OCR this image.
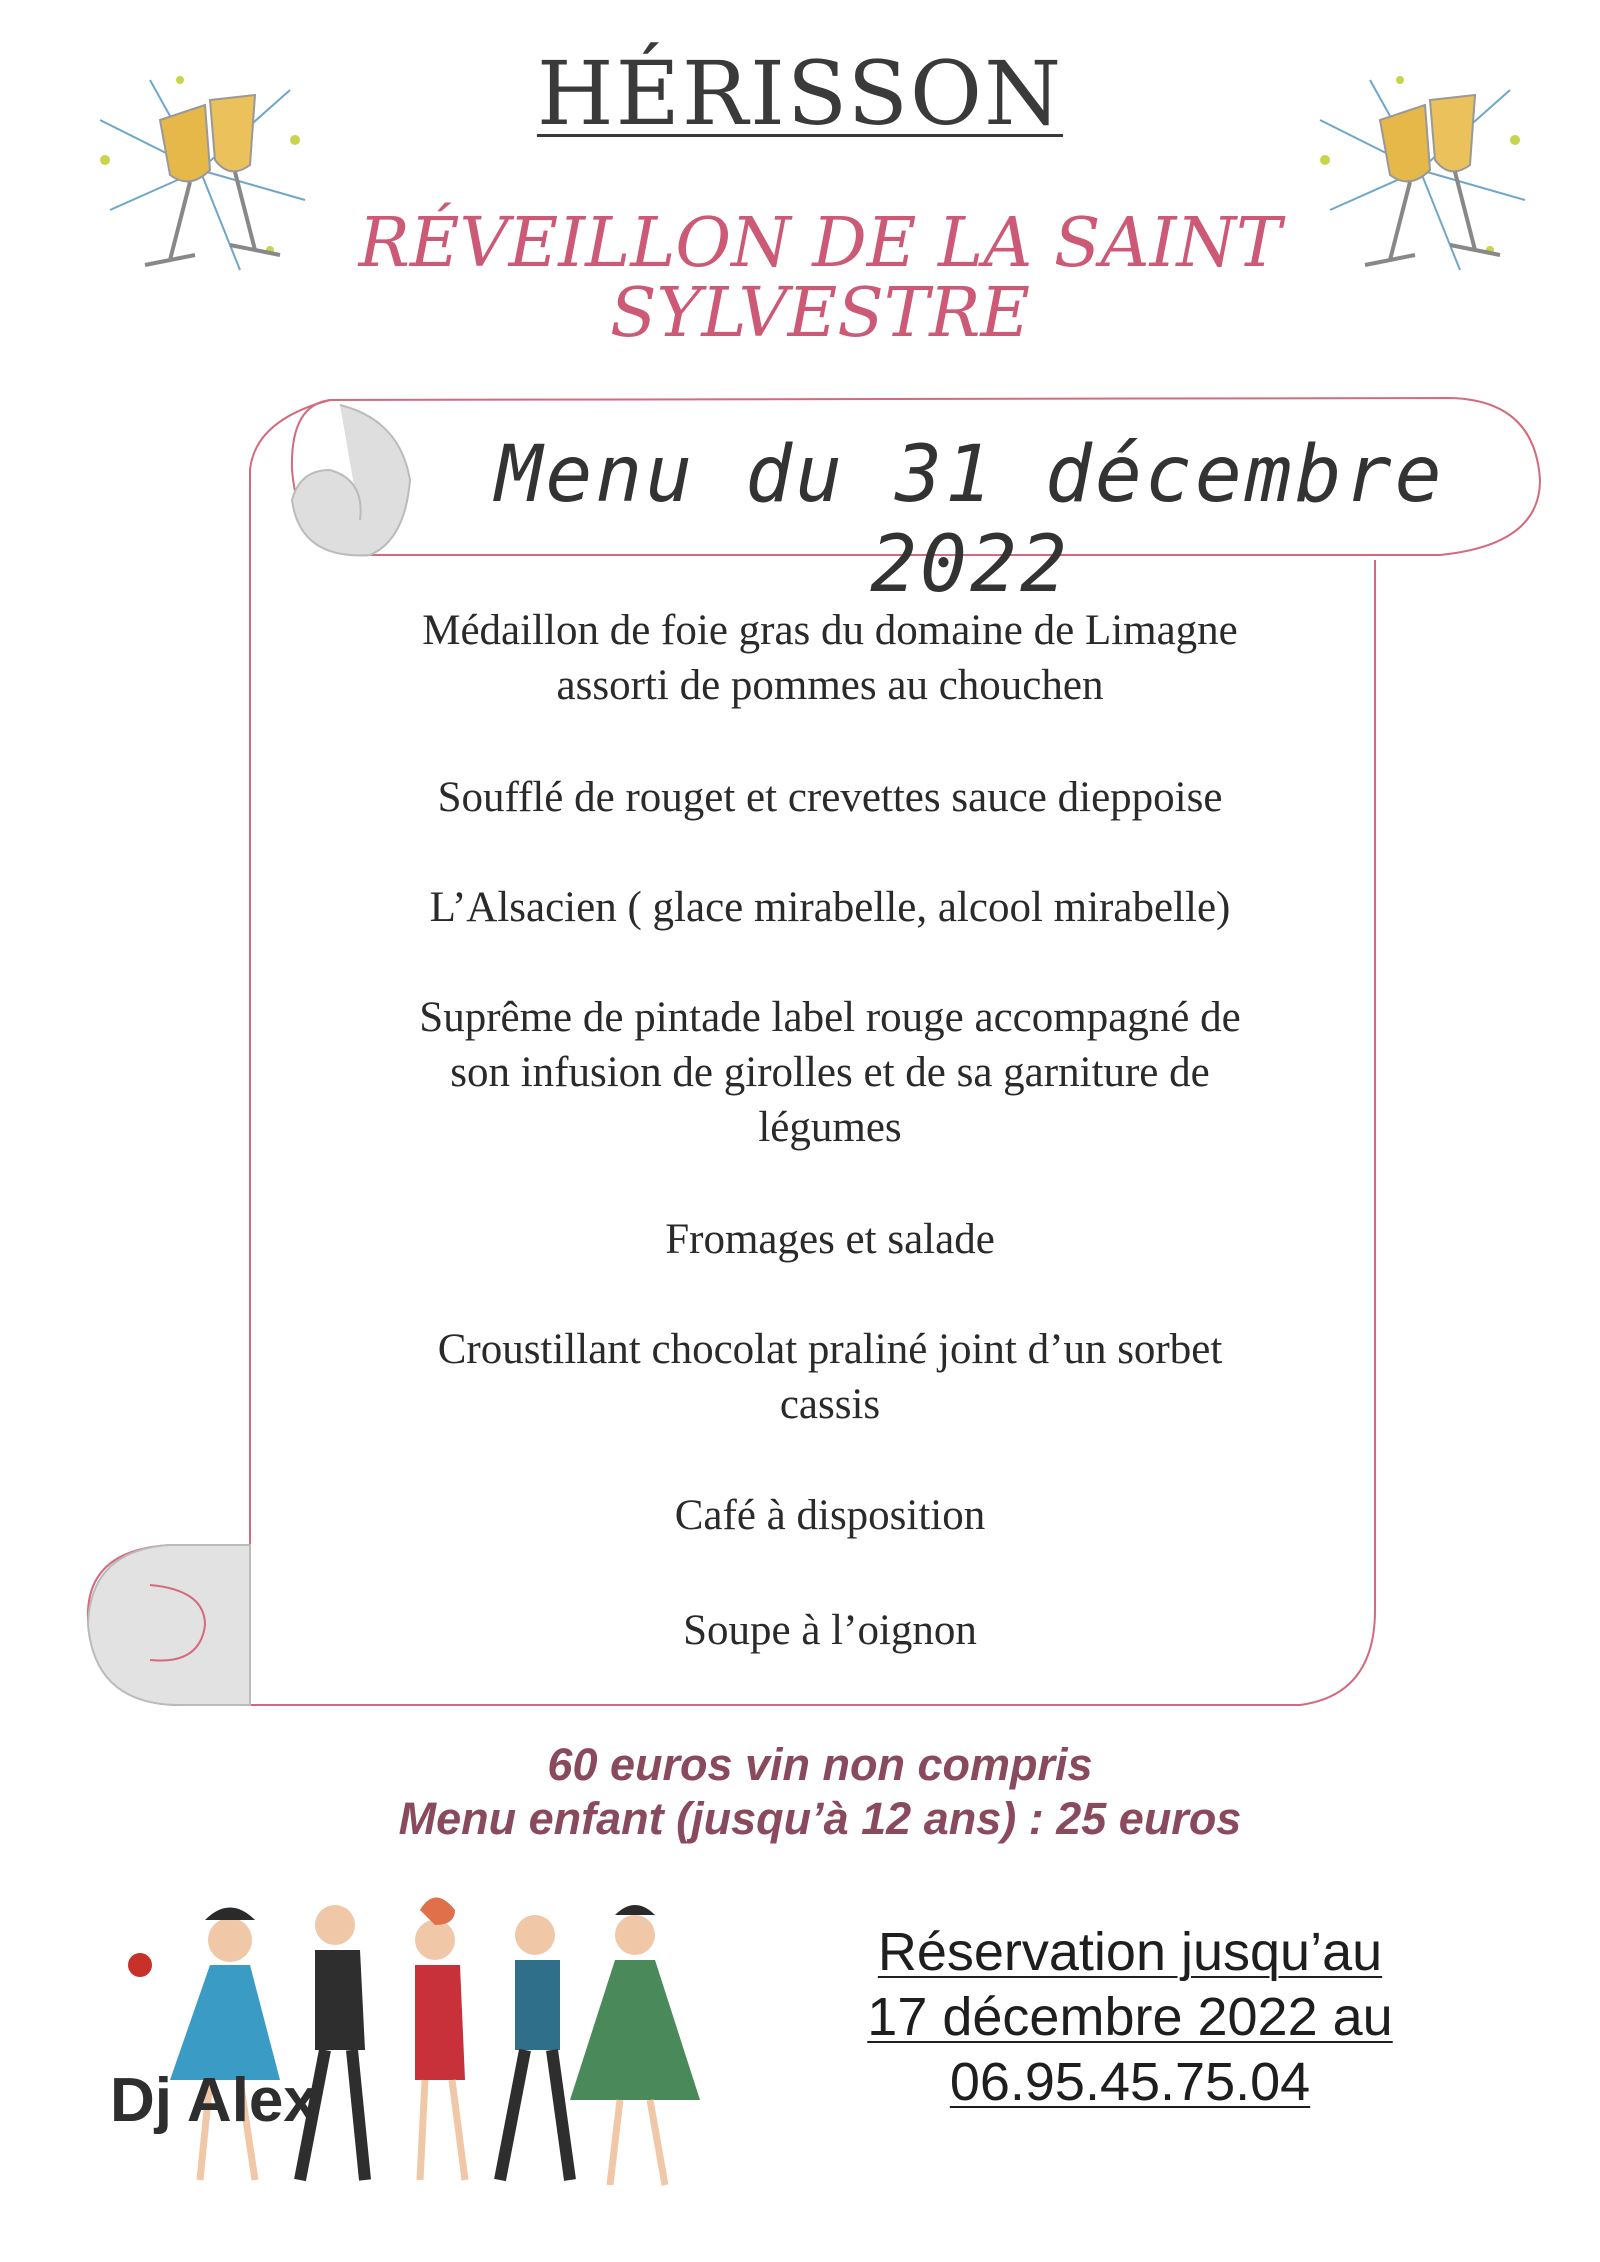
HÉRISSON
RÉVEILLON DE LA SAINT
SYLVESTRE
Menu du 31 décembre 2022
Médaillon de foie gras du domaine de Limagne
assorti de pommes au chouchen
Soufflé de rouget et crevettes sauce dieppoise
L’Alsacien ( glace mirabelle, alcool mirabelle)
Suprême de pintade label rouge accompagné de
son infusion de girolles et de sa garniture de
légumes
Fromages et salade
Croustillant chocolat praliné joint d’un sorbet
cassis
Café à disposition
Soupe à l’oignon
60 euros vin non compris
Menu enfant (jusqu’à 12 ans) : 25 euros
Dj Alex
Réservation jusqu’au
17 décembre 2022 au
06.95.45.75.04
